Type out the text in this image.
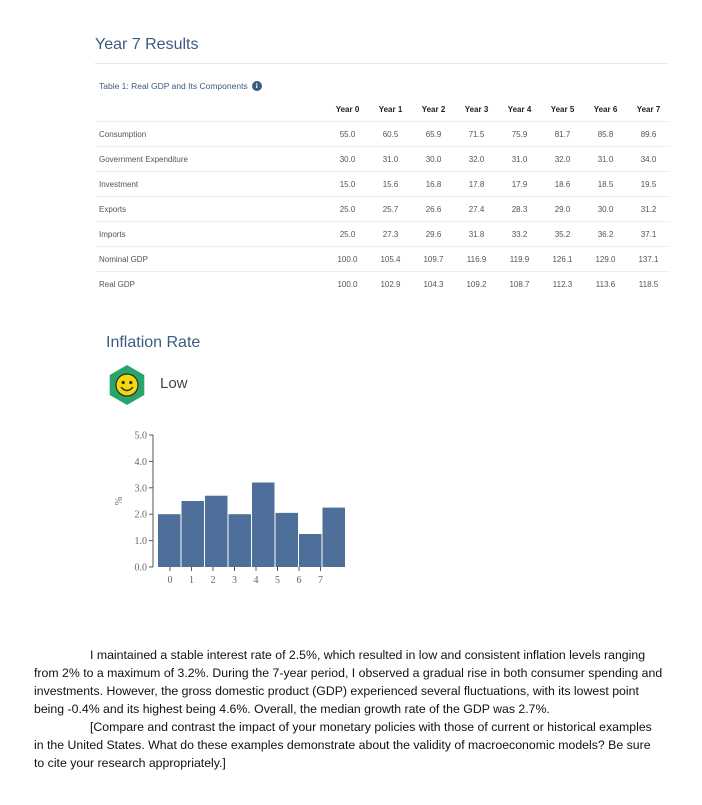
Year 7 Results
Table 1: Real GDP and Its Components	i
	Year 0	Year 1	Year 2	Year 3	Year 4	Year 5	Year 6	Year 7
Consumption	55.0	60.5	65.9	71.5	75.9	81.7	85.8	89.6
Government Expenditure	30.0	31.0	30.0	32.0	31.0	32.0	31.0	34.0
Investment	15.0	15.6	16.8	17.8	17.9	18.6	18.5	19.5
Exports	25.0	25.7	26.6	27.4	28.3	29.0	30.0	31.2
Imports	25.0	27.3	29.6	31.8	33.2	35.2	36.2	37.1
Nominal GDP	100.0	105.4	109.7	116.9	119.9	126.1	129.0	137.1
Real GDP	100.0	102.9	104.3	109.2	108.7	112.3	113.6	118.5
Inflation Rate
Low
%
0.0
1.0
2.0
3.0
4.0
5.0
0 1 2 3 4 5 6 7

I maintained a stable interest rate of 2.5%, which resulted in low and consistent inflation levels ranging from 2% to a maximum of 3.2%. During the 7-year period, I observed a gradual rise in both consumer spending and investments. However, the gross domestic product (GDP) experienced several fluctuations, with its lowest point being -0.4% and its highest being 4.6%. Overall, the median growth rate of the GDP was 2.7%.

[Compare and contrast the impact of your monetary policies with those of current or historical examples in the United States. What do these examples demonstrate about the validity of macroeconomic models? Be sure to cite your research appropriately.]
